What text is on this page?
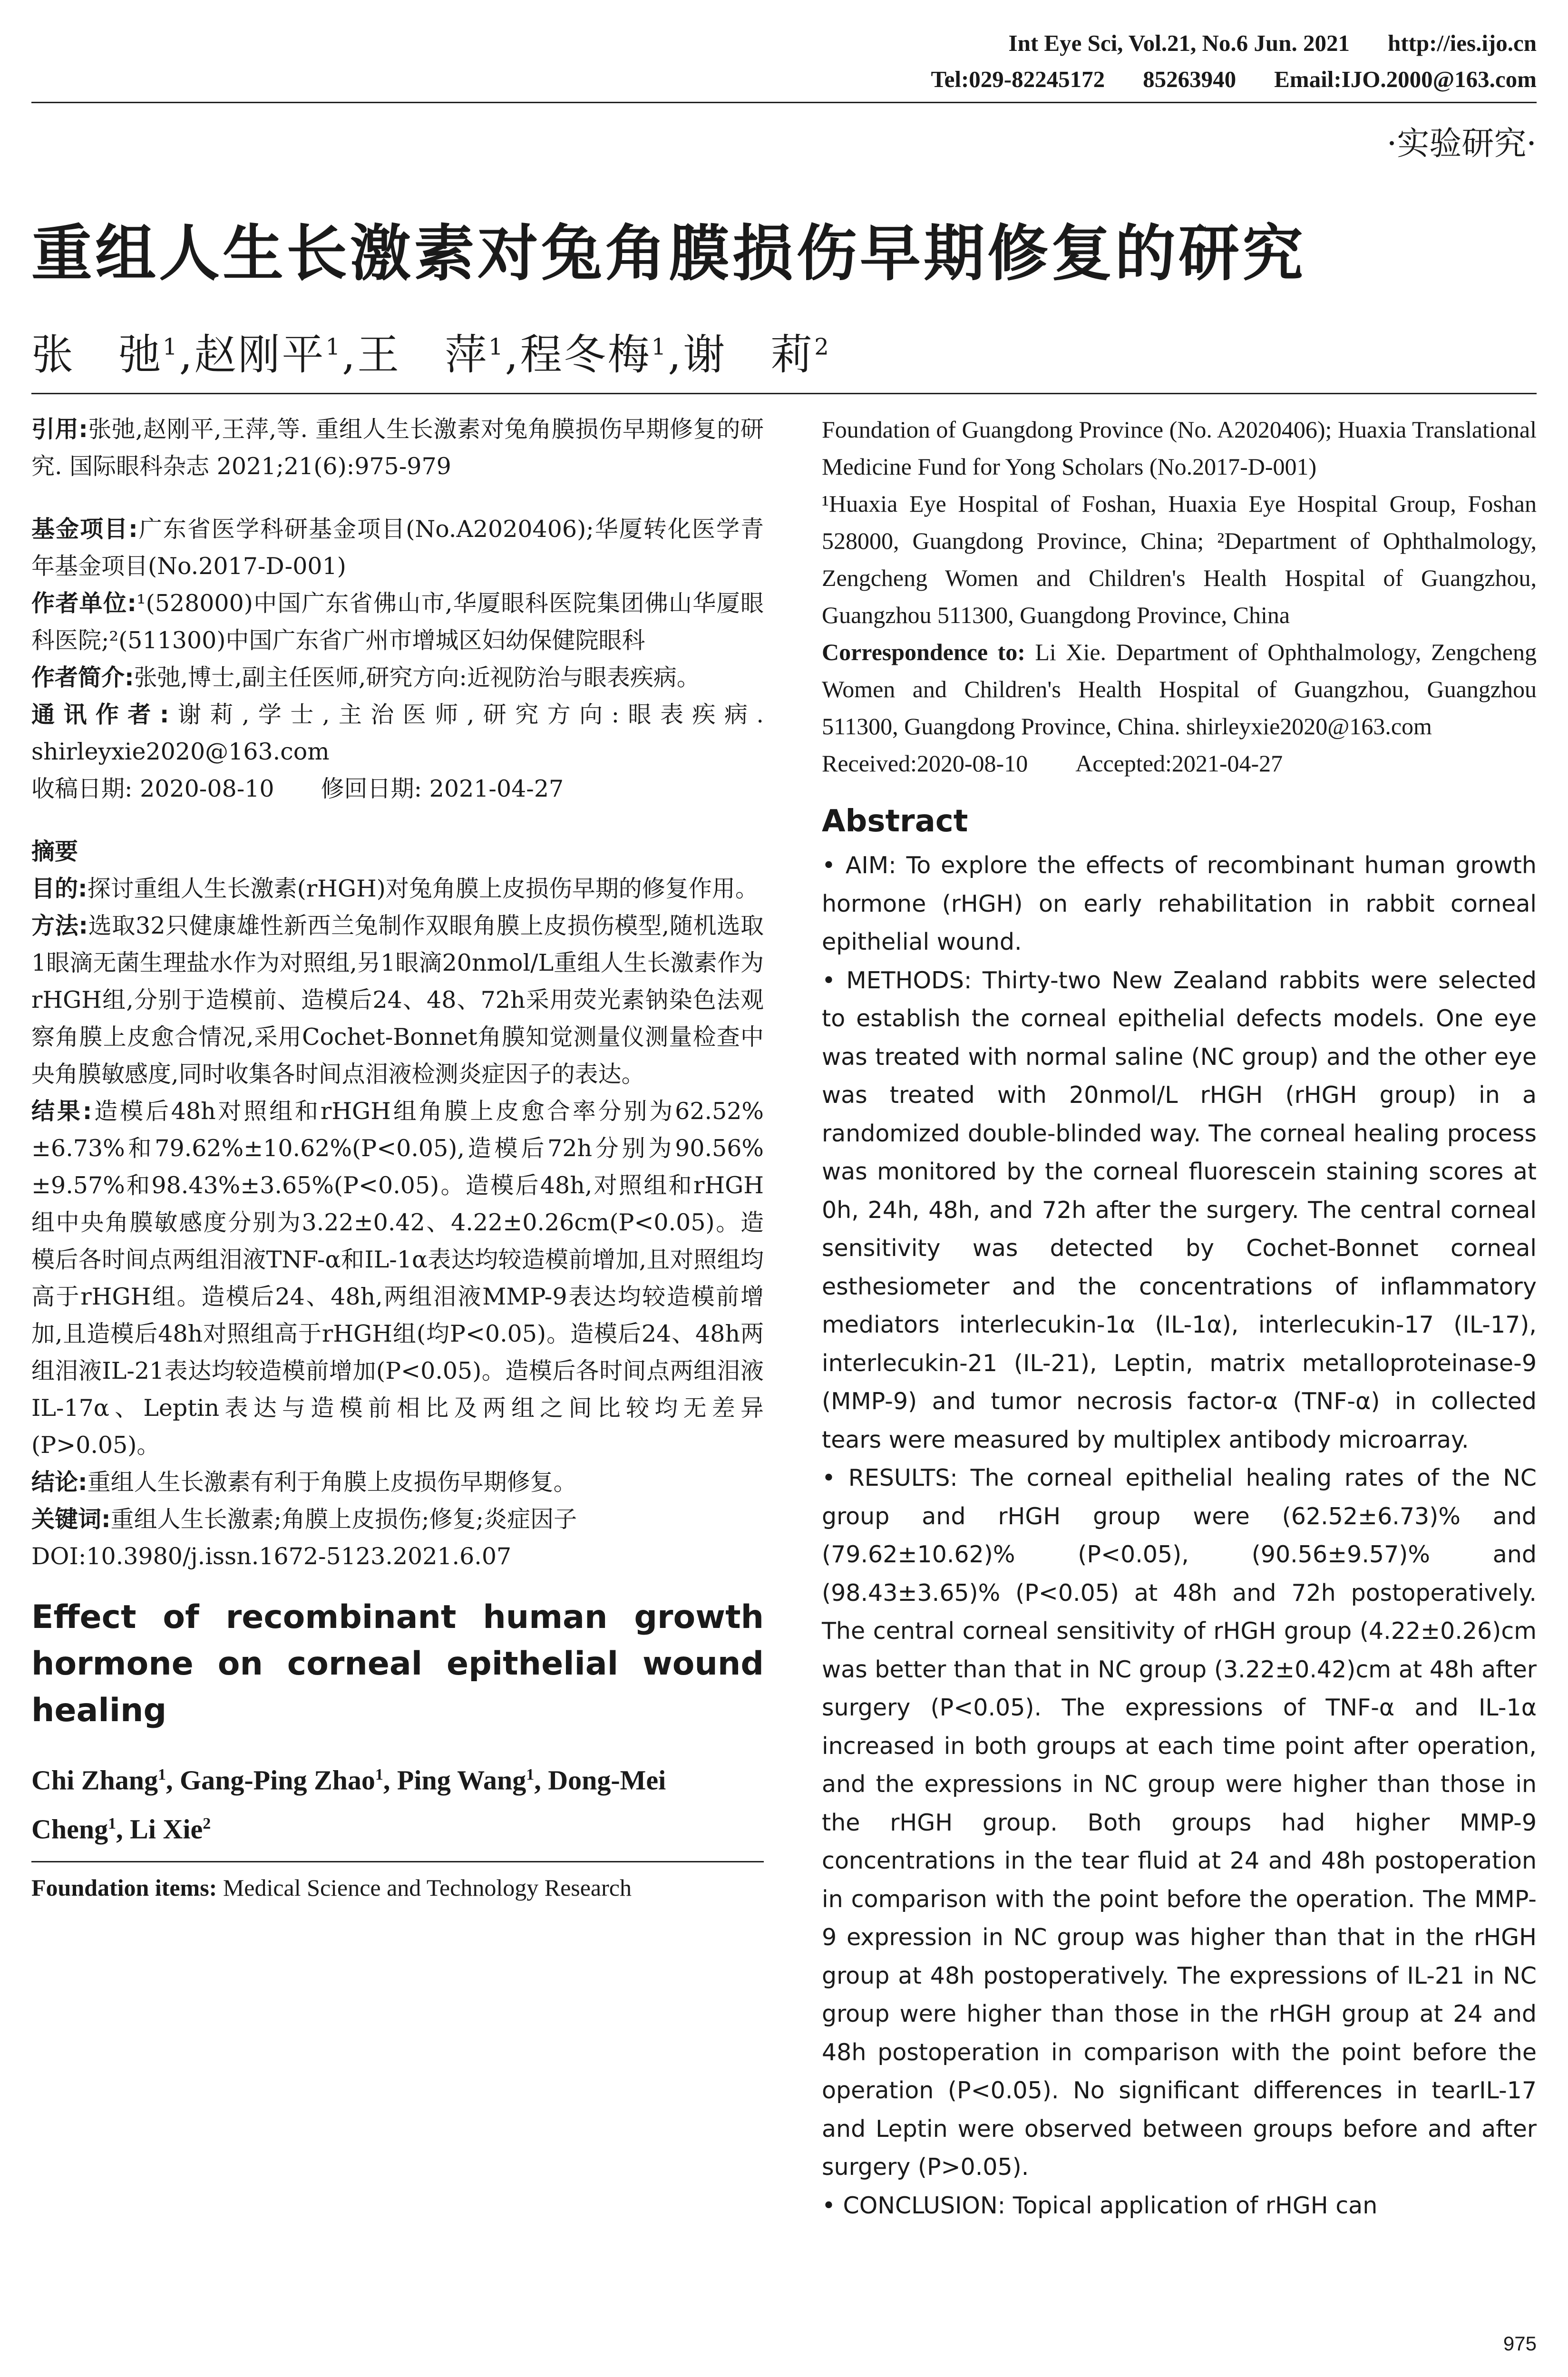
Int Eye Sci, Vol.21, No.6 Jun. 2021 http://ies.ijo.cn
Tel:029-82245172 85263940 Email:IJO.2000@163.com
·实验研究·
重组人生长激素对兔角膜损伤早期修复的研究
张　弛$^1$,赵刚平$^1$,王　萍$^1$,程冬梅$^1$,谢　莉$^2$

引用:张弛,赵刚平,王萍,等. 重组人生长激素对兔角膜损伤早期修复的研究. 国际眼科杂志 2021;21(6):975-979

基金项目:广东省医学科研基金项目(No.A2020406);华厦转化医学青年基金项目(No.2017-D-001)

作者单位:¹(528000)中国广东省佛山市,华厦眼科医院集团佛山华厦眼科医院;²(511300)中国广东省广州市增城区妇幼保健院眼科

作者简介:张弛,博士,副主任医师,研究方向:近视防治与眼表疾病。

通讯作者:谢莉,学士,主治医师,研究方向:眼表疾病. shirleyxie2020@163.com

收稿日期: 2020-08-10　　修回日期: 2021-04-27

摘要

目的:探讨重组人生长激素(rHGH)对兔角膜上皮损伤早期的修复作用。

方法:选取32只健康雄性新西兰兔制作双眼角膜上皮损伤模型,随机选取1眼滴无菌生理盐水作为对照组,另1眼滴20nmol/L重组人生长激素作为rHGH组,分别于造模前、造模后24、48、72h采用荧光素钠染色法观察角膜上皮愈合情况,采用Cochet-Bonnet角膜知觉测量仪测量检查中央角膜敏感度,同时收集各时间点泪液检测炎症因子的表达。

结果:造模后48h对照组和rHGH组角膜上皮愈合率分别为62.52%±6.73%和79.62%±10.62%(P<0.05),造模后72h分别为90.56%±9.57%和98.43%±3.65%(P<0.05)。造模后48h,对照组和rHGH组中央角膜敏感度分别为3.22±0.42、4.22±0.26cm(P<0.05)。造模后各时间点两组泪液TNF-α和IL-1α表达均较造模前增加,且对照组均高于rHGH组。造模后24、48h,两组泪液MMP-9表达均较造模前增加,且造模后48h对照组高于rHGH组(均P<0.05)。造模后24、48h两组泪液IL-21表达均较造模前增加(P<0.05)。造模后各时间点两组泪液IL-17α、Leptin表达与造模前相比及两组之间比较均无差异(P>0.05)。

结论:重组人生长激素有利于角膜上皮损伤早期修复。

关键词:重组人生长激素;角膜上皮损伤;修复;炎症因子

DOI:10.3980/j.issn.1672-5123.2021.6.07

Effect of recombinant human growth hormone on corneal epithelial wound healing
Chi Zhang$^1$, Gang-Ping Zhao$^1$, Ping Wang$^1$, Dong-Mei Cheng$^1$, Li Xie$^2$

Foundation items: Medical Science and Technology Research

Foundation of Guangdong Province (No. A2020406); Huaxia Translational Medicine Fund for Yong Scholars (No.2017-D-001)

¹Huaxia Eye Hospital of Foshan, Huaxia Eye Hospital Group, Foshan 528000, Guangdong Province, China; ²Department of Ophthalmology, Zengcheng Women and Children's Health Hospital of Guangzhou, Guangzhou 511300, Guangdong Province, China

Correspondence to: Li Xie. Department of Ophthalmology, Zengcheng Women and Children's Health Hospital of Guangzhou, Guangzhou 511300, Guangdong Province, China. shirleyxie2020@163.com

Received:2020-08-10   Accepted:2021-04-27

Abstract

• AIM: To explore the effects of recombinant human growth hormone (rHGH) on early rehabilitation in rabbit corneal epithelial wound.

• METHODS: Thirty-two New Zealand rabbits were selected to establish the corneal epithelial defects models. One eye was treated with normal saline (NC group) and the other eye was treated with 20nmol/L rHGH (rHGH group) in a randomized double-blinded way. The corneal healing process was monitored by the corneal fluorescein staining scores at 0h, 24h, 48h, and 72h after the surgery. The central corneal sensitivity was detected by Cochet-Bonnet corneal esthesiometer and the concentrations of inflammatory mediators interlecukin-1α (IL-1α), interlecukin-17 (IL-17), interlecukin-21 (IL-21), Leptin, matrix metalloproteinase-9 (MMP-9) and tumor necrosis factor-α (TNF-α) in collected tears were measured by multiplex antibody microarray.

• RESULTS: The corneal epithelial healing rates of the NC group and rHGH group were (62.52±6.73)% and (79.62±10.62)% (P<0.05), (90.56±9.57)% and (98.43±3.65)% (P<0.05) at 48h and 72h postoperatively. The central corneal sensitivity of rHGH group (4.22±0.26)cm was better than that in NC group (3.22±0.42)cm at 48h after surgery (P<0.05). The expressions of TNF-α and IL-1α increased in both groups at each time point after operation, and the expressions in NC group were higher than those in the rHGH group. Both groups had higher MMP-9 concentrations in the tear fluid at 24 and 48h postoperation in comparison with the point before the operation. The MMP-9 expression in NC group was higher than that in the rHGH group at 48h postoperatively. The expressions of IL-21 in NC group were higher than those in the rHGH group at 24 and 48h postoperation in comparison with the point before the operation (P<0.05). No significant differences in tearIL-17 and Leptin were observed between groups before and after surgery (P>0.05).

• CONCLUSION: Topical application of rHGH can

975
